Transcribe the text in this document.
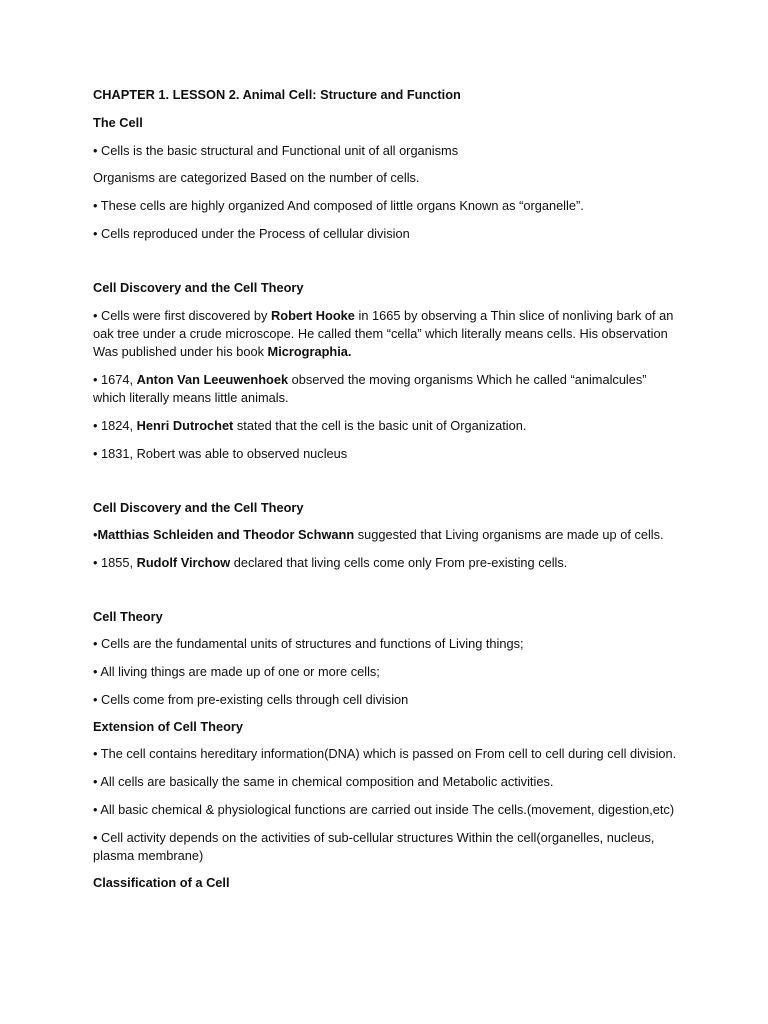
CHAPTER 1. LESSON 2. Animal Cell: Structure and Function

The Cell

• Cells is the basic structural and Functional unit of all organisms

Organisms are categorized Based on the number of cells.

• These cells are highly organized And composed of little organs Known as “organelle”.

• Cells reproduced under the Process of cellular division

Cell Discovery and the Cell Theory

• Cells were first discovered by Robert Hooke in 1665 by observing a Thin slice of nonliving bark of an oak tree under a crude microscope. He called them “cella” which literally means cells. His observation Was published under his book Micrographia.

• 1674, Anton Van Leeuwenhoek observed the moving organisms Which he called “animalcules” which literally means little animals.

• 1824, Henri Dutrochet stated that the cell is the basic unit of Organization.

• 1831, Robert was able to observed nucleus

Cell Discovery and the Cell Theory

•Matthias Schleiden and Theodor Schwann suggested that Living organisms are made up of cells.

• 1855, Rudolf Virchow declared that living cells come only From pre-existing cells.

Cell Theory

• Cells are the fundamental units of structures and functions of Living things;

• All living things are made up of one or more cells;

• Cells come from pre-existing cells through cell division

Extension of Cell Theory

• The cell contains hereditary information(DNA) which is passed on From cell to cell during cell division.

• All cells are basically the same in chemical composition and Metabolic activities.

• All basic chemical & physiological functions are carried out inside The cells.(movement, digestion,etc)

• Cell activity depends on the activities of sub-cellular structures Within the cell(organelles, nucleus, plasma membrane)

Classification of a Cell
